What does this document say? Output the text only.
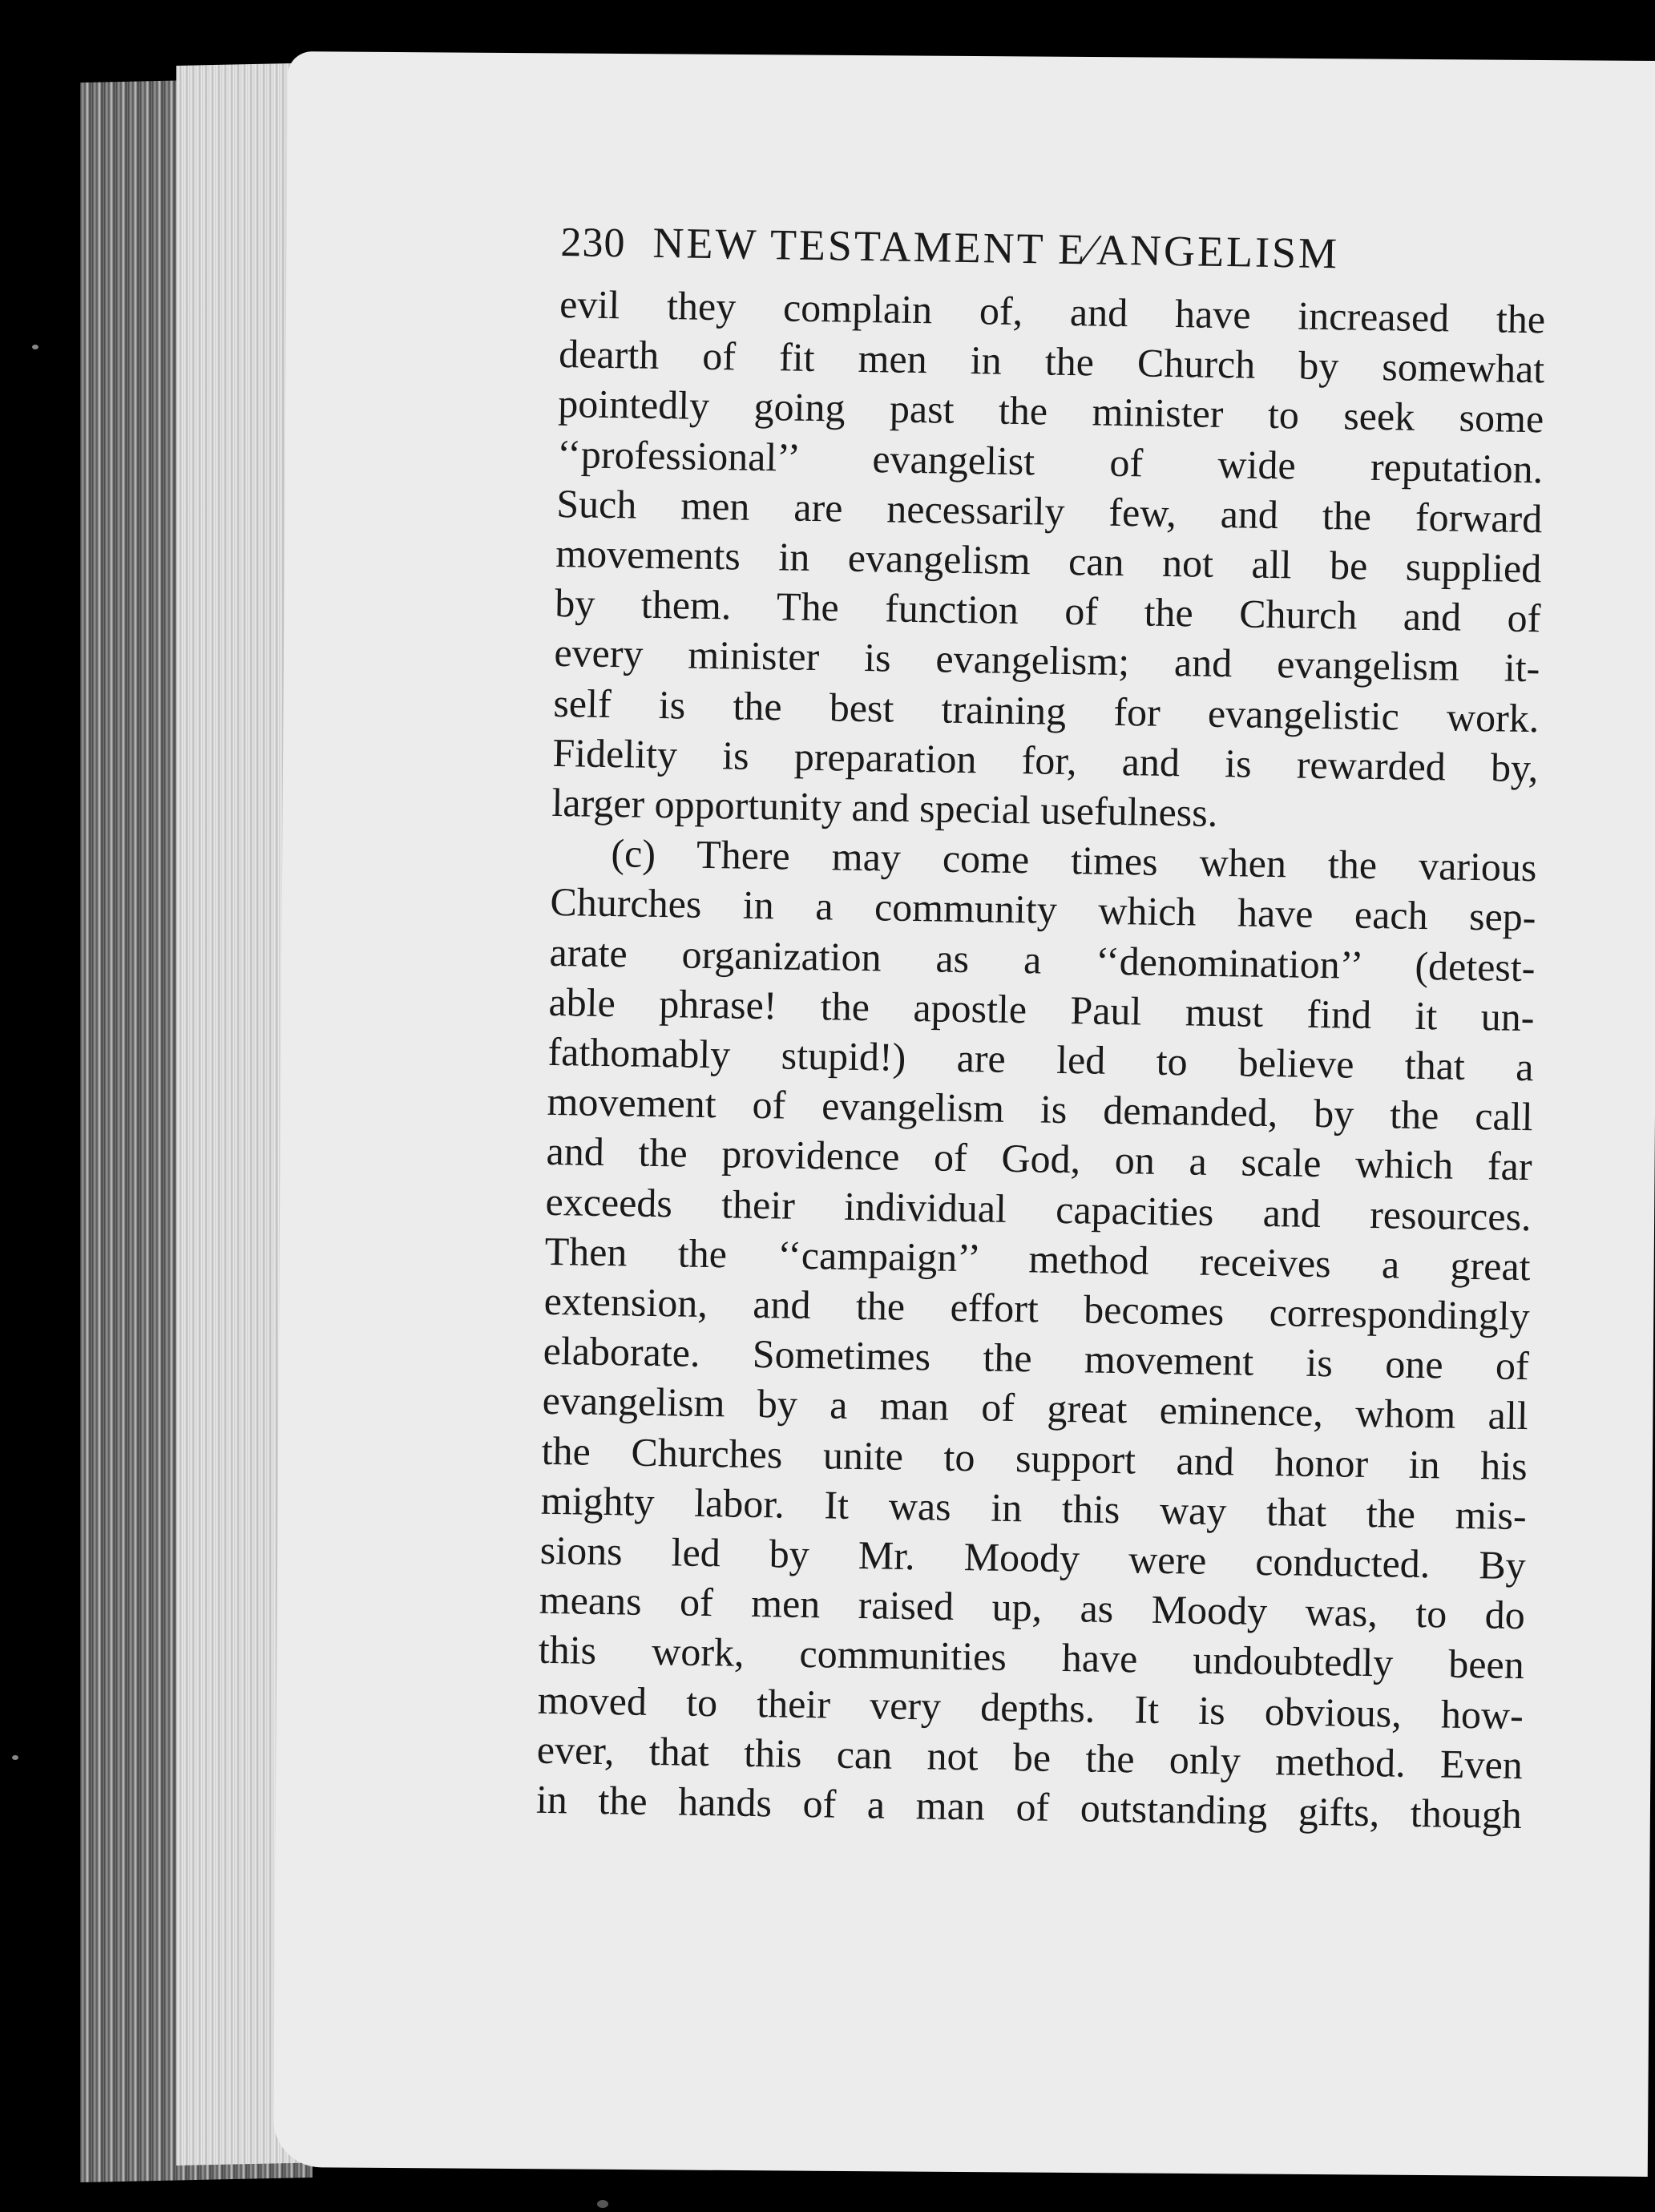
230 NEW TESTAMENT E⁄ANGELISM
evil they complain of, and have increased the
dearth of fit men in the Church by somewhat
pointedly going past the minister to seek some
‘‘professional’’ evangelist of wide reputation.
Such men are necessarily few, and the forward
movements in evangelism can not all be supplied
by them. The function of the Church and of
every minister is evangelism; and evangelism it-
self is the best training for evangelistic work.
Fidelity is preparation for, and is rewarded by,
larger opportunity and special usefulness.
(c) There may come times when the various
Churches in a community which have each sep-
arate organization as a ‘‘denomination’’ (detest-
able phrase! the apostle Paul must find it un-
fathomably stupid!) are led to believe that a
movement of evangelism is demanded, by the call
and the providence of God, on a scale which far
exceeds their individual capacities and resources.
Then the ‘‘campaign’’ method receives a great
extension, and the effort becomes correspondingly
elaborate. Sometimes the movement is one of
evangelism by a man of great eminence, whom all
the Churches unite to support and honor in his
mighty labor. It was in this way that the mis-
sions led by Mr. Moody were conducted. By
means of men raised up, as Moody was, to do
this work, communities have undoubtedly been
moved to their very depths. It is obvious, how-
ever, that this can not be the only method. Even
in the hands of a man of outstanding gifts, though
